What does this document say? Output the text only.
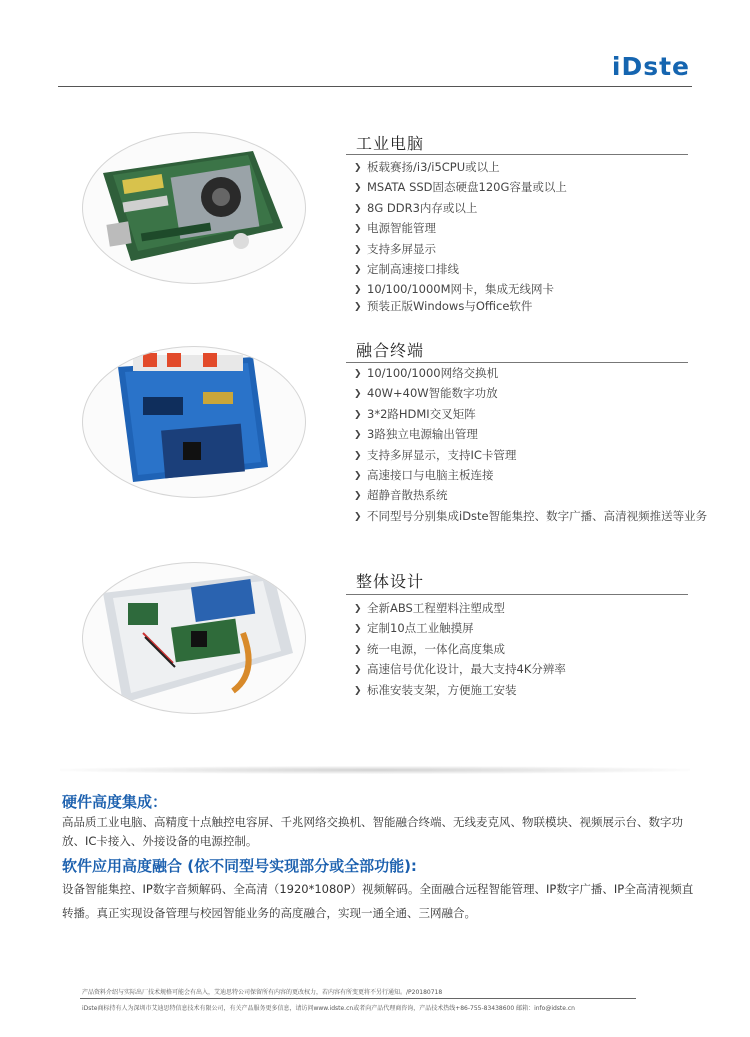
iDste
工业电脑
❯ 板载赛扬/i3/i5CPU或以上
❯ MSATA SSD固态硬盘120G容量或以上
❯ 8G DDR3内存或以上
❯ 电源智能管理
❯ 支持多屏显示
❯ 定制高速接口排线
❯ 10/100/1000M网卡，集成无线网卡
❯ 预装正版Windows与Office软件
融合终端
❯ 10/100/1000网络交换机
❯ 40W+40W智能数字功放
❯ 3*2路HDMI交叉矩阵
❯ 3路独立电源输出管理
❯ 支持多屏显示，支持IC卡管理
❯ 高速接口与电脑主板连接
❯ 超静音散热系统
❯ 不同型号分别集成iDste智能集控、数字广播、高清视频推送等业务
整体设计
❯ 全新ABS工程塑料注塑成型
❯ 定制10点工业触摸屏
❯ 统一电源，一体化高度集成
❯ 高速信号优化设计，最大支持4K分辨率
❯ 标准安装支架，方便施工安装
硬件高度集成：
高品质工业电脑、高精度十点触控电容屏、千兆网络交换机、智能融合终端、无线麦克风、物联模块、视频展示台、数字功放、IC卡接入、外接设备的电源控制。
软件应用高度融合 (依不同型号实现部分或全部功能):
设备智能集控、IP数字音频解码、全高清（1920*1080P）视频解码。全面融合远程智能管理、IP数字广播、IP全高清视频直转播。真正实现设备管理与校园智能业务的高度融合，实现一通全通、三网融合。
产品资料介绍与实际出厂技术规格可能会有出入，艾迪思特公司保留所有内容的更改权力，若内容有所变更将不另行通知。/P20180718
iDste商标持有人为深圳市艾迪思特信息技术有限公司，有关产品服务更多信息，请访问www.idste.cn或者向产品代理商咨询，产品技术热线+86-755-83438600 邮箱：info@idste.cn
